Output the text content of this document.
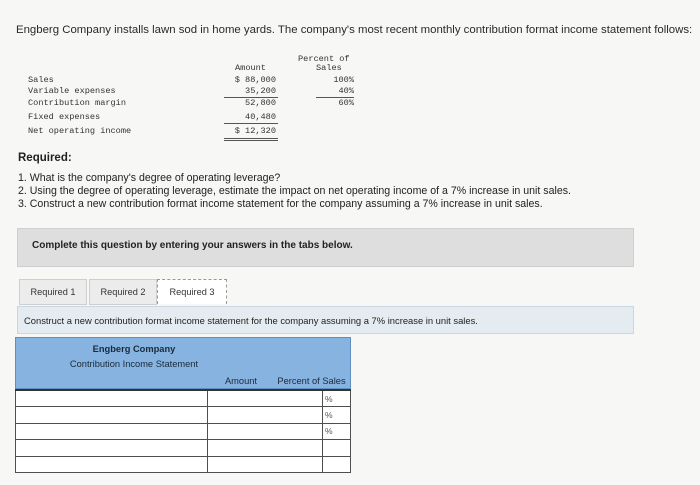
Engberg Company installs lawn sod in home yards. The company's most recent monthly contribution format income statement follows:
Percent of
Sales
Amount
Sales	$ 88,000	100%
Variable expenses	35,200	40%
Contribution margin	52,800	60%
Fixed expenses	40,480
Net operating income	$ 12,320
Required:
1. What is the company's degree of operating leverage?
2. Using the degree of operating leverage, estimate the impact on net operating income of a 7% increase in unit sales.
3. Construct a new contribution format income statement for the company assuming a 7% increase in unit sales.
Complete this question by entering your answers in the tabs below.
Required 1	Required 2	Required 3
Construct a new contribution format income statement for the company assuming a 7% increase in unit sales.
Engberg Company
Contribution Income Statement
Amount	Percent of Sales

	%

	%

	%
